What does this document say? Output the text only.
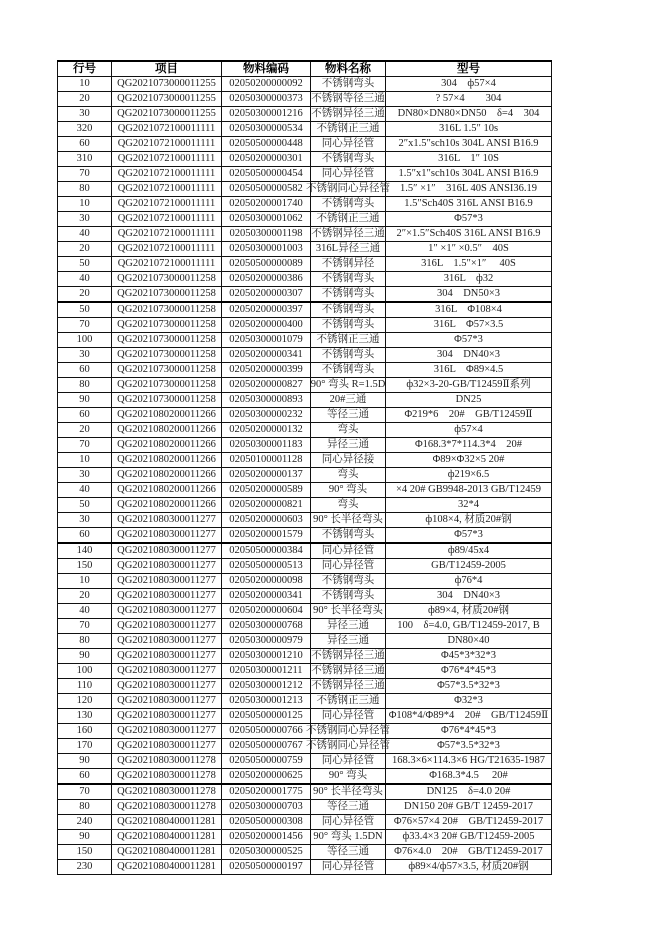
行号	项目	物料编码	物料名称	型号

10	QG2021073000011255	02050200000092	不锈钢弯头	304　ф57×4

20	QG2021073000011255	02050300000373	不锈钢等径三通	? 57×4　　304

30	QG2021073000011255	02050300001216	不锈钢异径三通	DN80×DN80×DN50　δ=4　304

320	QG2021072100011111	02050300000534	不锈钢正三通	316L 1.5″ 10s

60	QG2021072100011111	02050500000448	同心异径管	2″x1.5″sch10s 304L ANSI B16.9

310	QG2021072100011111	02050200000301	不锈钢弯头	316L　1″ 10S

70	QG2021072100011111	02050500000454	同心异径管	1.5″x1″sch10s 304L ANSI B16.9

80	QG2021072100011111	02050500000582	不锈钢同心异径管	1.5″ ×1″　316L 40S ANSI36.19

10	QG2021072100011111	02050200001740	不锈钢弯头	1.5″Sch40S 316L ANSI B16.9

30	QG2021072100011111	02050300001062	不锈钢正三通	Φ57*3

40	QG2021072100011111	02050300001198	不锈钢异径三通	2″×1.5″Sch40S 316L ANSI B16.9

20	QG2021072100011111	02050300001003	316L异径三通	1″ ×1″ ×0.5″　40S

50	QG2021072100011111	02050500000089	不锈钢异径	316L　1.5″×1″　 40S

40	QG2021073000011258	02050200000386	不锈钢弯头	316L　ф32

20	QG2021073000011258	02050200000307	不锈钢弯头	304　DN50×3

50	QG2021073000011258	02050200000397	不锈钢弯头	316L　Φ108×4

70	QG2021073000011258	02050200000400	不锈钢弯头	316L　Φ57×3.5

100	QG2021073000011258	02050300001079	不锈钢正三通	Φ57*3

30	QG2021073000011258	02050200000341	不锈钢弯头	304　DN40×3

60	QG2021073000011258	02050200000399	不锈钢弯头	316L　Φ89×4.5

80	QG2021073000011258	02050200000827	90° 弯头 R=1.5D	ф32×3-20-GB/T12459Ⅱ系列

90	QG2021073000011258	02050300000893	20#三通	DN25

60	QG2021080200011266	02050300000232	等径三通	Φ219*6　20#　GB/T12459Ⅱ

20	QG2021080200011266	02050200000132	弯头	ф57×4

70	QG2021080200011266	02050300001183	异径三通	Φ168.3*7*114.3*4　20#

10	QG2021080200011266	02050100001128	同心异径接	Φ89×Φ32×5 20#

30	QG2021080200011266	02050200000137	弯头	ф219×6.5

40	QG2021080200011266	02050200000589	90° 弯头	×4 20# GB9948-2013 GB/T12459

50	QG2021080200011266	02050200000821	弯头	32*4

30	QG2021080300011277	02050200000603	90° 长半径弯头	ф108×4, 材质20#钢

60	QG2021080300011277	02050200001579	不锈钢弯头	Φ57*3

140	QG2021080300011277	02050500000384	同心异径管	ф89/45x4

150	QG2021080300011277	02050500000513	同心异径管	GB/T12459-2005

10	QG2021080300011277	02050200000098	不锈钢弯头	ф76*4

20	QG2021080300011277	02050200000341	不锈钢弯头	304　DN40×3

40	QG2021080300011277	02050200000604	90° 长半径弯头	ф89×4, 材质20#钢

70	QG2021080300011277	02050300000768	异径三通	100　δ=4.0, GB/T12459-2017, B

80	QG2021080300011277	02050300000979	异径三通	DN80×40

90	QG2021080300011277	02050300001210	不锈钢异径三通	Φ45*3*32*3

100	QG2021080300011277	02050300001211	不锈钢异径三通	Φ76*4*45*3

110	QG2021080300011277	02050300001212	不锈钢异径三通	Φ57*3.5*32*3

120	QG2021080300011277	02050300001213	不锈钢正三通	Φ32*3

130	QG2021080300011277	02050500000125	同心异径管	Φ108*4/Φ89*4　20#　GB/T12459Ⅱ

160	QG2021080300011277	02050500000766	不锈钢同心异径管	Φ76*4*45*3

170	QG2021080300011277	02050500000767	不锈钢同心异径管	Φ57*3.5*32*3

90	QG2021080300011278	02050500000759	同心异径管	168.3×6×114.3×6 HG/T21635-1987

60	QG2021080300011278	02050200000625	90° 弯头	Φ168.3*4.5　 20#

70	QG2021080300011278	02050200001775	90° 长半径弯头	DN125　δ=4.0 20#

80	QG2021080300011278	02050300000703	等径三通	DN150 20# GB/T 12459-2017

240	QG2021080400011281	02050500000308	同心异径管	Φ76×57×4 20#　GB/T12459-2017

90	QG2021080400011281	02050200001456	90° 弯头 1.5DN	ф33.4×3 20# GB/T12459-2005

150	QG2021080400011281	02050300000525	等径三通	Φ76×4.0　20#　GB/T12459-2017

230	QG2021080400011281	02050500000197	同心异径管	ф89×4/ф57×3.5, 材质20#钢
